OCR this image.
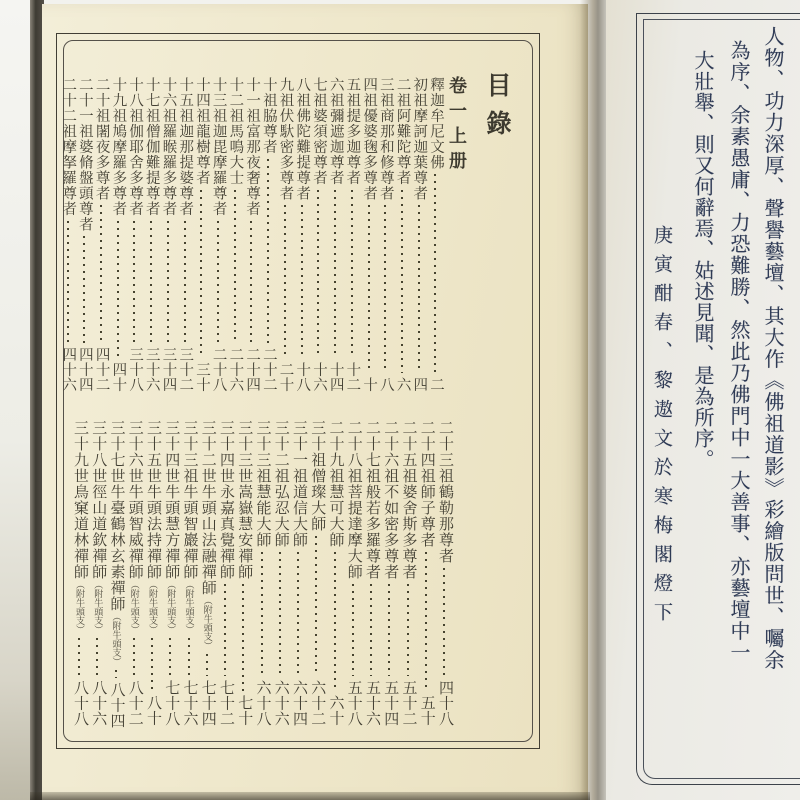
目錄
卷一上册
釋迦牟尼文佛
二
初祖摩訶迦葉尊者
四
二祖阿難陀尊者
六
三祖商那和修尊者
八
四祖優婆毱多尊者
十
五祖提多迦尊者
十二
六祖彌遮迦尊者
十四
七祖婆須密尊者
十六
八祖佛陀難提尊者
十八
九祖伏馱密多尊者
二十
十祖脇尊者
二十二
十一祖富那夜奢尊者
二十四
十二祖馬鳴大士
二十六
十三祖迦毘摩羅尊者
二十八
十四祖龍樹尊者
三十
十五祖迦那提婆尊者
三十二
十六祖羅睺羅多尊者
三十四
十七祖僧伽難提尊者
三十六
十八祖伽耶舍多尊者
三十八
十九祖鳩摩羅多尊者
四十
二十祖闍夜多尊者
四十二
二十一祖婆脩盤頭尊者
四十四
二十二祖摩拏羅尊者
四十六
二十三祖鶴勒那尊者
四十八
二十四祖師子尊者
五十
二十五祖婆舍斯多尊者
五十二
二十六祖不如密多尊者
五十四
二十七祖般若多羅尊者
五十六
二十八祖菩提達摩大師
五十八
二十九祖慧可大師
六十
三十祖僧璨大師
六十二
三十一祖道信大師
六十四
三十二祖弘忍大師
六十六
三十三祖慧能大師
六十八
三十三世嵩嶽慧安禪師
七十
三十四世永嘉真覺禪師
七十二
三十二世牛頭山法融禪師（附牛頭支）
七十四
三十三祖牛頭智巖禪師（附牛頭支）
七十六
三十四世牛頭慧方禪師（附牛頭支）
七十八
三十五世牛頭法持禪師（附牛頭支）
八十
三十六世牛頭智威禪師（附牛頭支）
八十二
三十七世牛臺鶴林玄素禪師（附牛頭支）
八十四
三十八世徑山道欽禪師（附牛頭支）
八十六
三十九世鳥窠道林禪師（附牛頭支）
八十八
人物、功力深厚、聲譽藝壇、其大作《佛祖道影》彩繪版問世、囑余
為序、余素愚庸、力恐難勝、然此乃佛門中一大善事、亦藝壇中一
大壯舉、則又何辭焉、姑述見聞、是為所序。
庚寅酣春、黎遨文於寒梅閣燈下
